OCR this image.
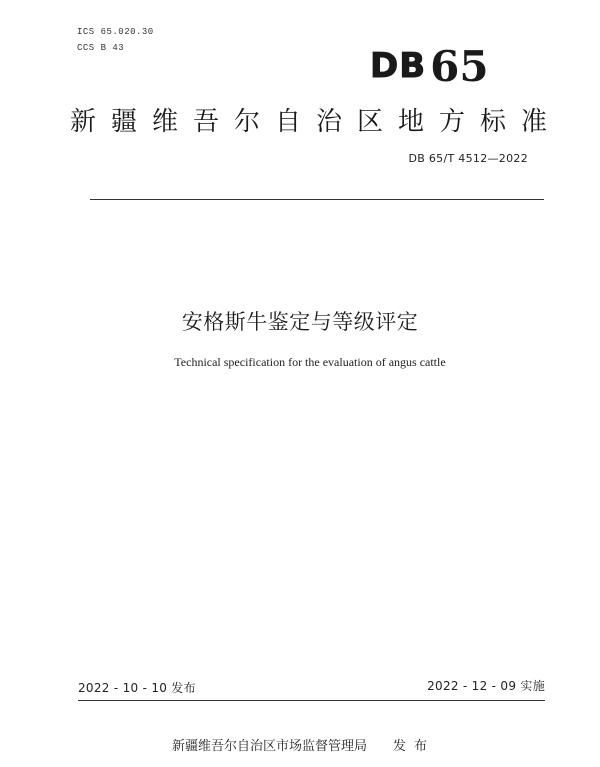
ICS 65.020.30
CCS B 43	DB 65
新疆维吾尔自治区地方标准
DB 65/T 4512—2022
安格斯牛鉴定与等级评定
Technical specification for the evaluation of angus cattle
2022 - 10 - 10 发布	2022 - 12 - 09 实施
新疆维吾尔自治区市场监督管理局 发布
